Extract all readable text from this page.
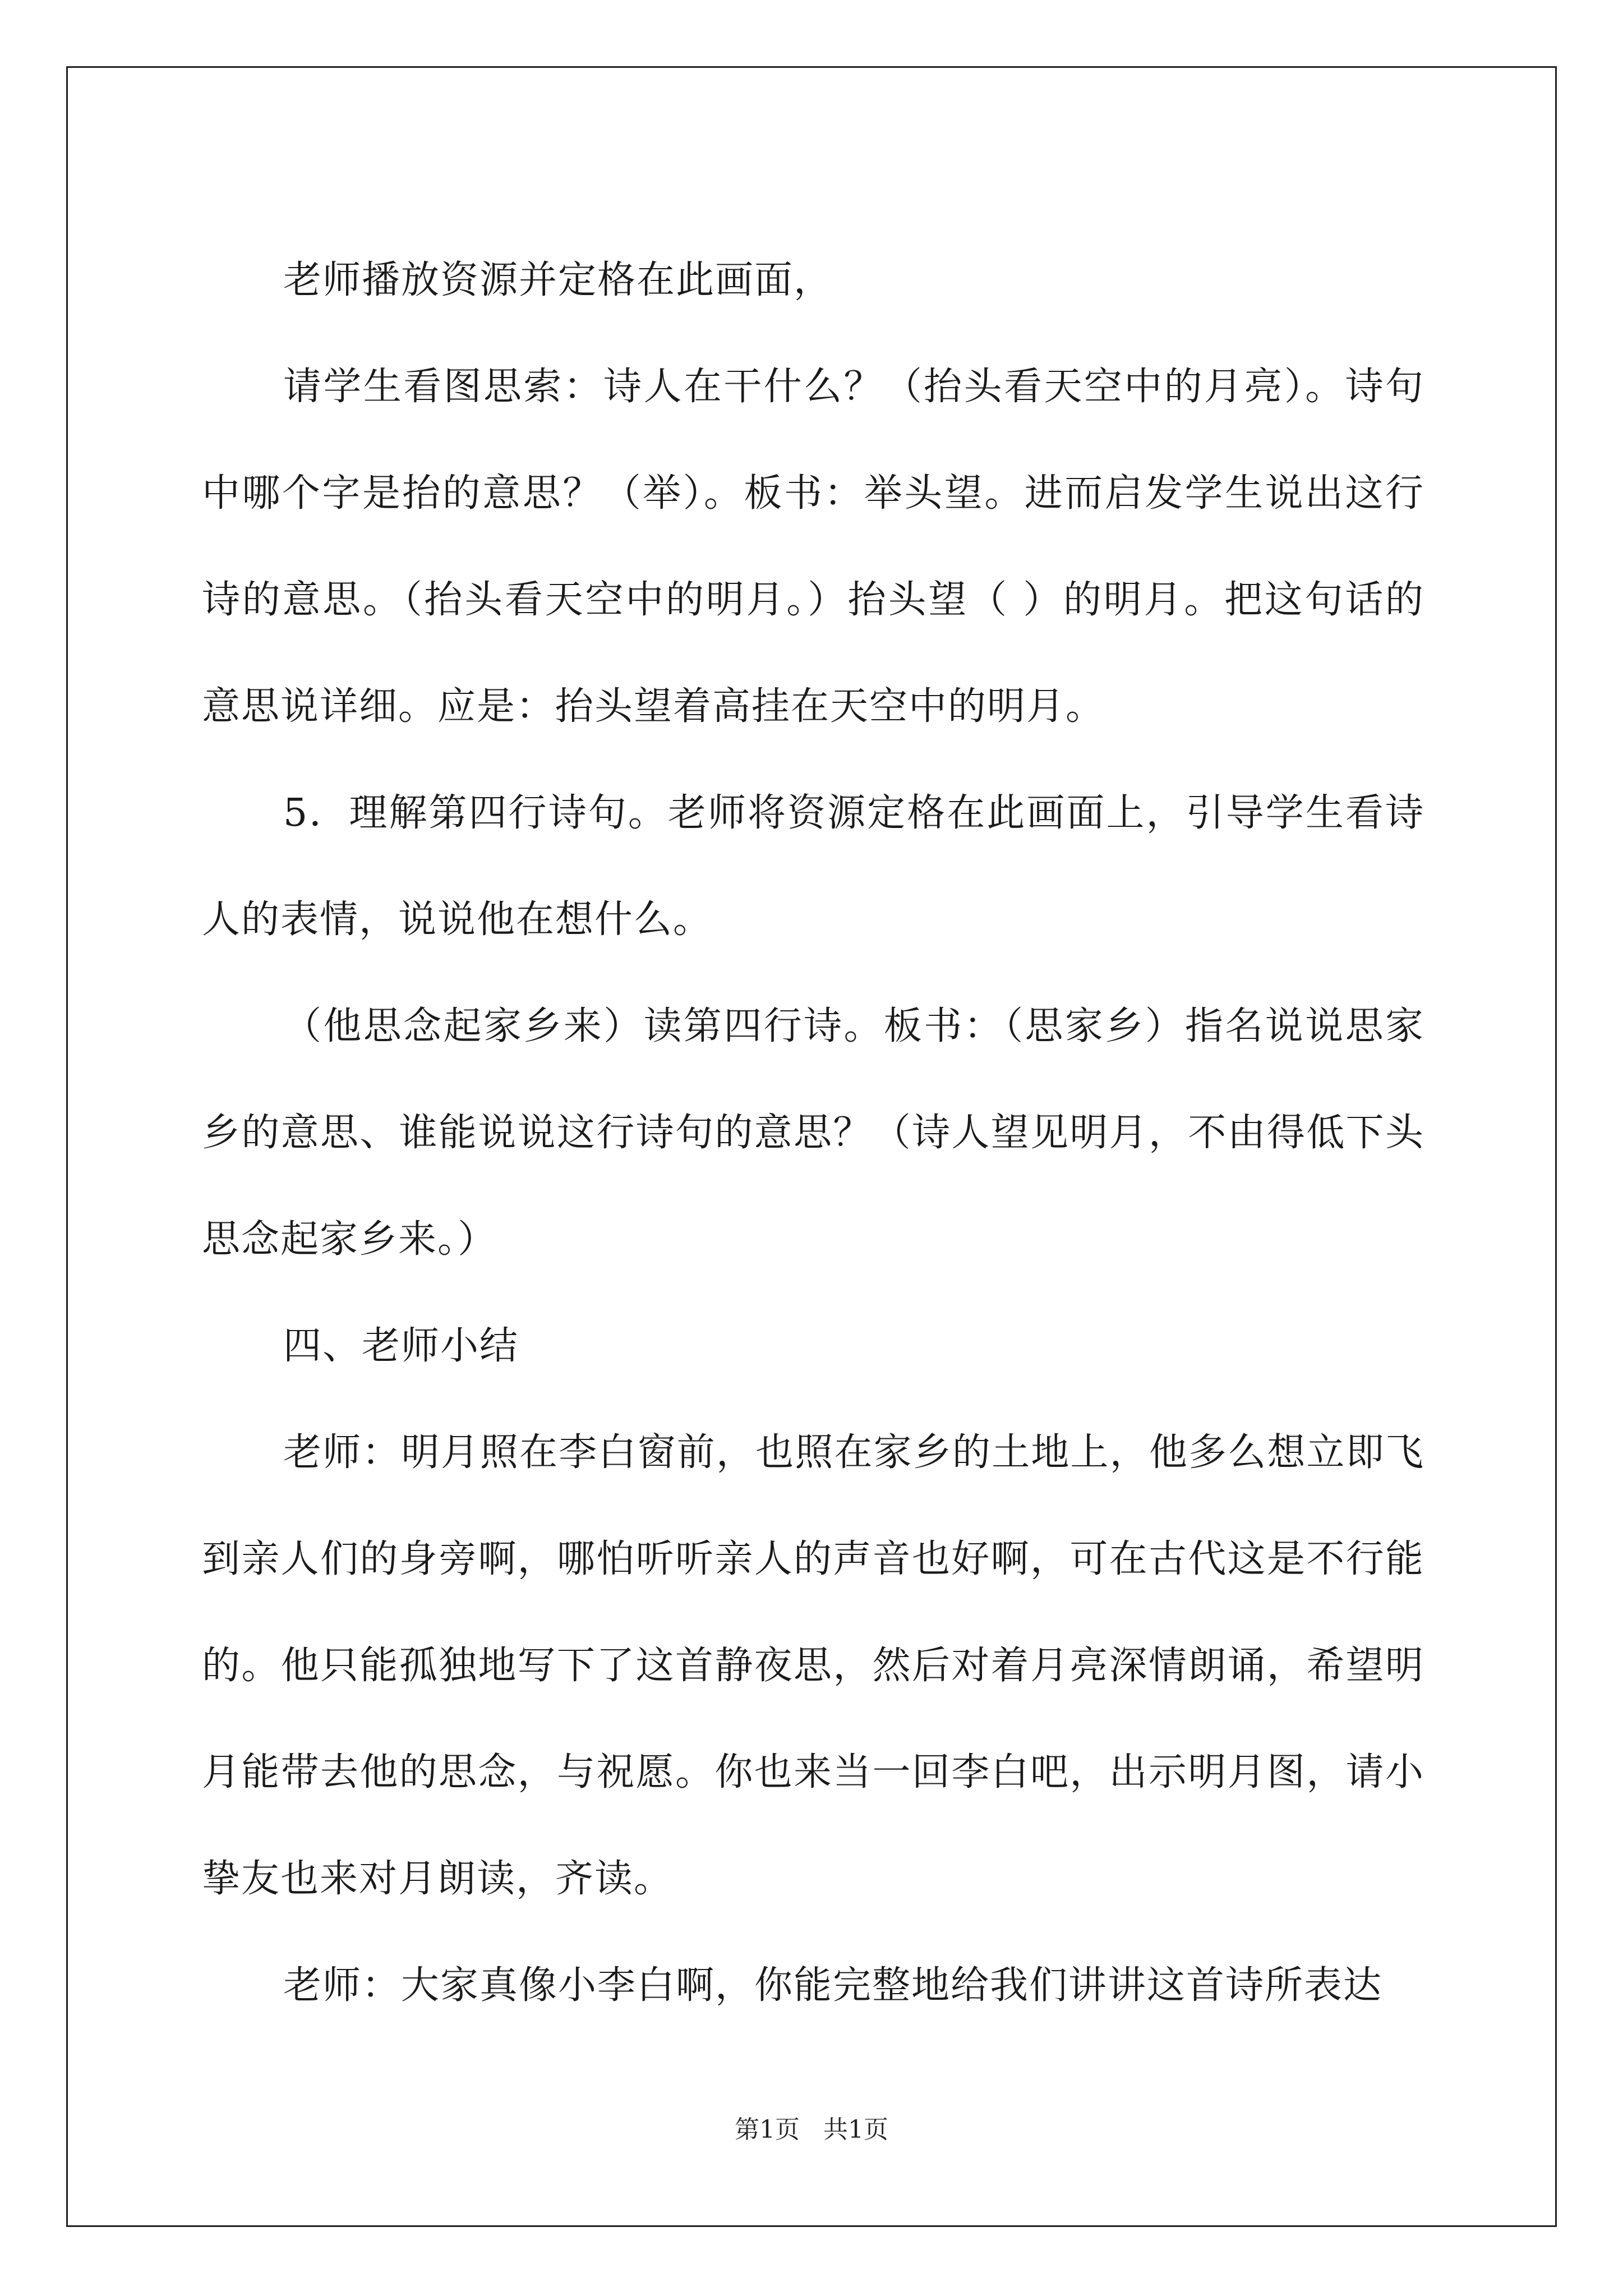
老师播放资源并定格在此画面，

请学生看图思索：诗人在干什么？（抬头看天空中的月亮）。诗句中哪个字是抬的意思？（举）。板书：举头望。进而启发学生说出这行诗的意思。（抬头看天空中的明月。）抬头望（ ）的明月。把这句话的意思说详细。应是：抬头望着高挂在天空中的明月。

5．理解第四行诗句。老师将资源定格在此画面上，引导学生看诗人的表情，说说他在想什么。

（他思念起家乡来）读第四行诗。板书：（思家乡）指名说说思家乡的意思、谁能说说这行诗句的意思？（诗人望见明月，不由得低下头思念起家乡来。）

四、老师小结

老师：明月照在李白窗前，也照在家乡的土地上，他多么想立即飞到亲人们的身旁啊，哪怕听听亲人的声音也好啊，可在古代这是不行能的。他只能孤独地写下了这首静夜思，然后对着月亮深情朗诵，希望明月能带去他的思念，与祝愿。你也来当一回李白吧，出示明月图，请小挚友也来对月朗读，齐读。

老师：大家真像小李白啊，你能完整地给我们讲讲这首诗所表达

第1页 共1页
